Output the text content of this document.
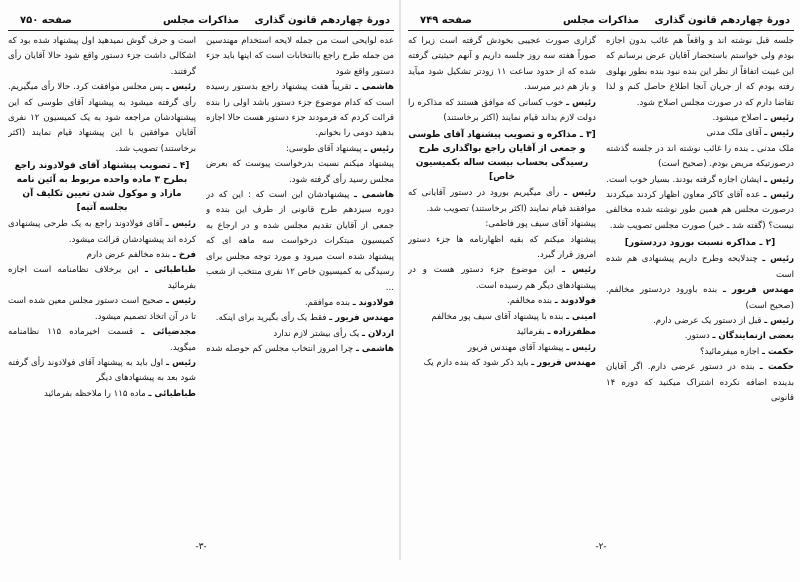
دورهٔ چهاردهم قانون گذاری
مذاکرات مجلس
صفحه ۷۵۰

عده لوایحی است من جمله لایحه استخدام مهندسین من جمله طرح راجع باانتخابات است که اینها باید جزء دستور واقع شود

هاشمی ـ تقریباً هفت پیشنهاد راجع بدستور رسیده است که کدام موضوع جزء دستور باشد اولی را بنده قرائت کردم که فرمودند جزء دستور هست حالا اجازه بدهید دومی را بخوانم.

رئیس ـ پیشنهاد آقای طوسی:

پیشنهاد میکنم نسبت بدرخواست پیوست که بعرض مجلس رسید رأی گرفته شود.

هاشمی ـ پیشنهادشان این است که : این که در دوره سیزدهم طرح قانونی از طرف این بنده و جمعی از آقایان تقدیم مجلس شده و در ارجاع به کمیسیون مبتکرات درخواست سه ماهه ای که پیشنهاد شده است میرود و مورد توجه مجلس برای رسیدگی به کمیسیون خاص ۱۲ نفری منتخب از شعب ...

فولادوند ـ بنده موافقم.

مهندس فریور ـ فقط یک رأی بگیرید برای اینکه.

اردلان ـ یک رأی بیشتر لازم ندارد

هاشمی ـ چرا امروز انتخاب مجلس کم حوصله شده

است و حرف گوش نمیدهید اول پیشنهاد شده بود که اشکالی داشت جزء دستور واقع شود حالا آقایان رأی گرفتند.

رئیس ـ پس مجلس موافقت کرد. حالا رأی میگیریم. رأی گرفته میشود به پیشنهاد آقای طوسی که این پیشنهادشان مراجعه شود به یک کمیسیون ۱۲ نفری آقایان موافقین با این پیشنهاد قیام نمایند (اکثر برخاستند) تصویب شد.

[۴ ـ تصویب پیشنهاد آقای فولادوند راجع بطرح ۳ ماده واحده مربوط به آئین نامه مازاد و موکول شدن تعیین تکلیف آن بجلسه آتیه]

رئیس ـ آقای فولادوند راجع به یک طرحی پیشنهادی کرده اند پیشنهادشان قرائت میشود.

فرخ ـ بنده مخالفم عرض دارم

طباطبائی ـ این برخلاف نظامنامه است اجازه بفرمائید

رئیس ـ صحیح است دستور مجلس معین شده است تا در آن اتخاذ تصمیم میشود.

مجدضیائی ـ قسمت اخیرماده ۱۱۵ نظامنامه میگوید.

رئیس ـ اول باید به پیشنهاد آقای فولادوند رأی گرفته شود بعد به پیشنهادهای دیگر

طباطبائی ـ ماده ۱۱۵ را ملاحظه بفرمائید

-۳-
دورهٔ چهاردهم قانون گذاری
مذاکرات مجلس
صفحه ۷۴۹

جلسه قبل نوشته اند و واقعاً هم غائب بدون اجازه بودم ولی خواستم باستحضار آقایان عرض برسانم که این غیبت اتفاقاً از نظر این بنده نبود بنده بطور بهلوی رفته بودم که از جریان آنجا اطلاع حاصل کنم و لذا تقاضا دارم که در صورت مجلس اصلاح شود.

رئیس ـ اصلاح میشود.

رئیس ـ آقای ملک مدنی

ملک مدنی ـ بنده را غائب نوشته اند در جلسه گذشته درصورتیکه مریض بودم. (صحیح است)

رئیس ـ ایشان اجازه گرفته بودند. بسیار خوب است.

رئیس ـ عده آقای کاکر معاون اظهار کردند میکردند درصورت مجلس هم همین طور نوشته شده مخالفی نیست؟ (گفته شد ـ خیر) صورت مجلس تصویب شد.

[۲ ـ مذاکره نسبت بورود دردستور]

رئیس ـ چندلایحه وطرح داریم پیشنهادی هم شده است

مهندس فریور ـ بنده باورود دردستور مخالفم. (صحیح است)

رئیس ـ قبل از دستور یک عرضی دارم.

بعضی ازنمایندگان ـ دستور.

حکمت ـ اجازه میفرمائید؟

حکمت ـ بنده در دستور عرضی دارم. اگر آقایان بدینده اضافه نکرده اشتراک میکنید که دوره ۱۴ قانونی

گزاری صورت عجیبی بخودش گرفته است زیرا که صوراً هفته سه روز جلسه داریم و آنهم حیثیتی گرفته شده که از حدود ساعت ۱۱ زودتر تشکیل شود میآید و باز هم دیر میرسد.

رئیس ـ خوب کسانی که موافق هستند که مذاکره را دولت لازم بداند قیام نمایند (اکثر برخاستند)

[۳ ـ مذاکره و تصویب پیشنهاد آقای طوسی و جمعی از آقایان راجع بواگذاری طرح رسیدگی بحساب بیست ساله بکمیسیون خاص]

رئیس ـ رأی میگیریم بورود در دستور آقایانی که موافقند قیام نمایند (اکثر برخاستند) تصویب شد.

پیشنهاد آقای سیف پور فاطمی:

پیشنهاد میکنم که بقیه اظهارنامه ها جزء دستور امروز قرار گیرد.

رئیس ـ این موضوع جزء دستور هست و در پیشنهادهای دیگر هم رسیده است.

فولادوند ـ بنده مخالفم.

امینی ـ بنده با پیشنهاد آقای سیف پور مخالفم

مظفرزاده ـ بفرمائید

رئیس ـ پیشنهاد آقای مهندس فریور

مهندس فریور ـ باید ذکر شود که بنده دارم یک

-۲-
